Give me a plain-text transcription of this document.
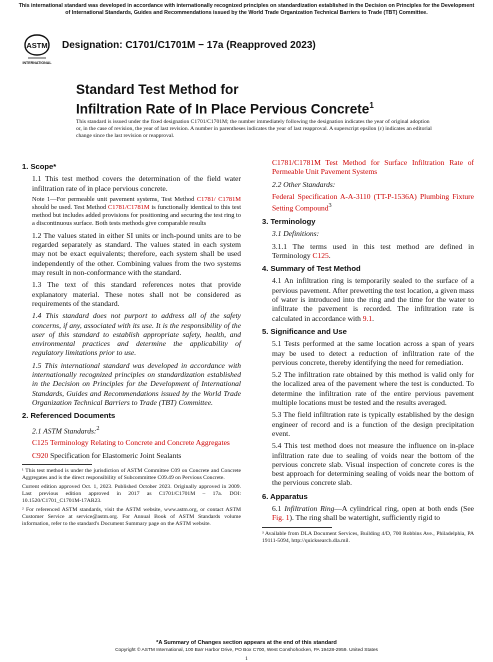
This international standard was developed in accordance with internationally recognized principles on standardization established in the Decision on Principles for the Development of International Standards, Guides and Recommendations issued by the World Trade Organization Technical Barriers to Trade (TBT) Committee.
ASTM
INTERNATIONAL
Designation: C1701/C1701M − 17a (Reapproved 2023)
Standard Test Method for
Infiltration Rate of In Place Pervious Concrete$^1$
This standard is issued under the fixed designation C1701/C1701M; the number immediately following the designation indicates the year of original adoption or, in the case of revision, the year of last revision. A number in parentheses indicates the year of last reapproval. A superscript epsilon (ε) indicates an editorial change since the last revision or reapproval.
1. Scope*

1.1 This test method covers the determination of the field water infiltration rate of in place pervious concrete.

Note 1—For permeable unit pavement systems, Test Method C1781/ C1781M should be used. Test Method C1781/C1781M is functionally identical to this test method but includes added provisions for positioning and securing the test ring to a discontinuous surface. Both tests methods give comparable results

1.2 The values stated in either SI units or inch-pound units are to be regarded separately as standard. The values stated in each system may not be exact equivalents; therefore, each system shall be used independently of the other. Combining values from the two systems may result in non-conformance with the standard.

1.3 The text of this standard references notes that provide explanatory material. These notes shall not be considered as requirements of the standard.

1.4 This standard does not purport to address all of the safety concerns, if any, associated with its use. It is the responsibility of the user of this standard to establish appropriate safety, health, and environmental practices and determine the applicability of regulatory limitations prior to use.

1.5 This international standard was developed in accordance with internationally recognized principles on standardization established in the Decision on Principles for the Development of International Standards, Guides and Recommendations issued by the World Trade Organization Technical Barriers to Trade (TBT) Committee.

2. Referenced Documents

2.1 ASTM Standards:$^2$

C125 Terminology Relating to Concrete and Concrete Aggregates

C920 Specification for Elastomeric Joint Sealants

¹ This test method is under the jurisdiction of ASTM Committee C09 on Concrete and Concrete Aggregates and is the direct responsibility of Subcommittee C09.49 on Pervious Concrete.

Current edition approved Oct. 1, 2023. Published October 2023. Originally approved in 2009. Last previous edition approved in 2017 as C1701/C1701M – 17a. DOI: 10.1520/C1701_C1701M-17AR23.

² For referenced ASTM standards, visit the ASTM website, www.astm.org, or contact ASTM Customer Service at service@astm.org. For Annual Book of ASTM Standards volume information, refer to the standard's Document Summary page on the ASTM website.

C1781/C1781M Test Method for Surface Infiltration Rate of Permeable Unit Pavement Systems

2.2 Other Standards:

Federal Specification A-A-3110 (TT-P-1536A) Plumbing Fixture Setting Compound$^3$

3. Terminology

3.1 Definitions:

3.1.1 The terms used in this test method are defined in Terminology C125.

4. Summary of Test Method

4.1 An infiltration ring is temporarily sealed to the surface of a pervious pavement. After prewetting the test location, a given mass of water is introduced into the ring and the time for the water to infiltrate the pavement is recorded. The infiltration rate is calculated in accordance with 9.1.

5. Significance and Use

5.1 Tests performed at the same location across a span of years may be used to detect a reduction of infiltration rate of the pervious concrete, thereby identifying the need for remediation.

5.2 The infiltration rate obtained by this method is valid only for the localized area of the pavement where the test is conducted. To determine the infiltration rate of the entire pervious pavement multiple locations must be tested and the results averaged.

5.3 The field infiltration rate is typically established by the design engineer of record and is a function of the design precipitation event.

5.4 This test method does not measure the influence on in-place infiltration rate due to sealing of voids near the bottom of the pervious concrete slab. Visual inspection of concrete cores is the best approach for determining sealing of voids near the bottom of the pervious concrete slab.

6. Apparatus

6.1 Infiltration Ring—A cylindrical ring, open at both ends (See Fig. 1). The ring shall be watertight, sufficiently rigid to

³ Available from DLA Document Services, Building 4/D, 700 Robbins Ave., Philadelphia, PA 19111-5094, http://quicksearch.dla.mil.

*A Summary of Changes section appears at the end of this standard
Copyright © ASTM International, 100 Barr Harbor Drive, PO Box C700, West Conshohocken, PA 19428-2959. United States
1
